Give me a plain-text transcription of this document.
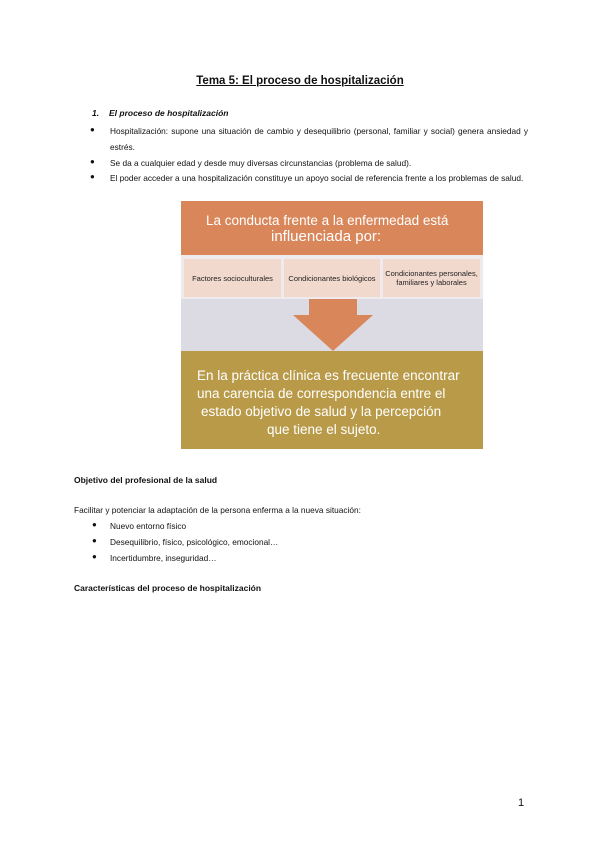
Tema 5: El proceso de hospitalización
1. El proceso de hospitalización
● Hospitalización: supone una situación de cambio y desequilibrio (personal, familiar y social) genera ansiedad y estrés.
● Se da a cualquier edad y desde muy diversas circunstancias (problema de salud).
● El poder acceder a una hospitalización constituye un apoyo social de referencia frente a los problemas de salud.
La conducta frente a la enfermedad está
influenciada por:
Factores socioculturales Condicionantes biológicos Condicionantes personales, familiares y laborales
En la práctica clínica es frecuente encontrar
una carencia de correspondencia entre el
estado objetivo de salud y la percepción
que tiene el sujeto.
Objetivo del profesional de la salud
Facilitar y potenciar la adaptación de la persona enferma a la nueva situación:
● Nuevo entorno físico
● Desequilibrio, físico, psicológico, emocional…
● Incertidumbre, inseguridad…
Características del proceso de hospitalización
1
